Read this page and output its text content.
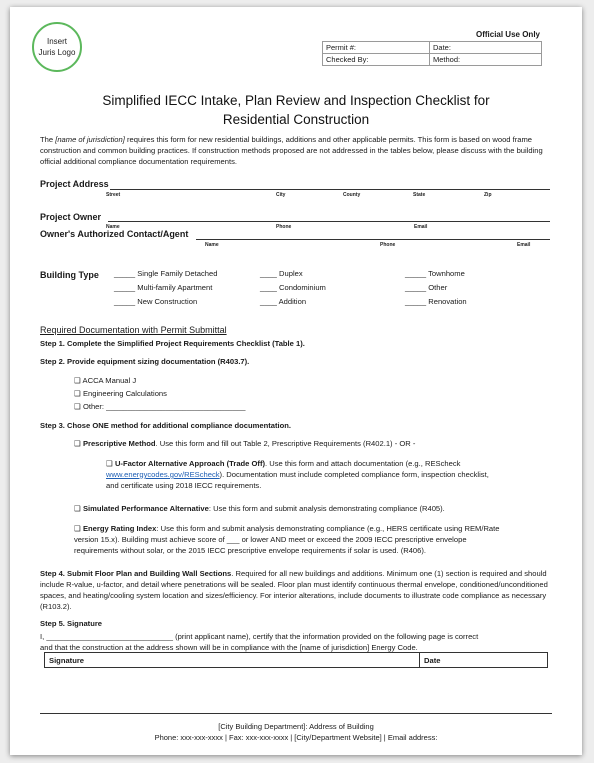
Insert
Juris Logo
Official Use Only
Permit #:	Date:
Checked By:	Method:
Simplified IECC Intake, Plan Review and Inspection Checklist for
Residential Construction
The [name of jurisdiction] requires this form for new residential buildings, additions and other applicable permits. This form is based on wood frame construction and common building practices. If construction methods proposed are not addressed in the tables below, please discuss with the building official additional compliance documentation requirements.
Project Address
Street	City	County	State	Zip
Project Owner
Name	Phone	Email
Owner's Authorized Contact/Agent
Name	Phone	Email
Building Type _____ Single Family Detached	____ Duplex	_____ Townhome
_____ Multi-family Apartment	____ Condominium	_____ Other
_____ New Construction	____ Addition	_____ Renovation
Required Documentation with Permit Submittal
Step 1. Complete the Simplified Project Requirements Checklist (Table 1).
Step 2. Provide equipment sizing documentation (R403.7).
❑ ACCA Manual J
❑ Engineering Calculations
❑ Other: _________________________________
Step 3. Chose ONE method for additional compliance documentation.
❑ Prescriptive Method. Use this form and fill out Table 2, Prescriptive Requirements (R402.1) - OR -
❑ U-Factor Alternative Approach (Trade Off). Use this form and attach documentation (e.g., REScheck
www.energycodes.gov/REScheck). Documentation must include completed compliance form, inspection checklist,
and certificate using 2018 IECC requirements.
❑ Simulated Performance Alternative: Use this form and submit analysis demonstrating compliance (R405).
❑ Energy Rating Index: Use this form and submit analysis demonstrating compliance (e.g., HERS certificate using REM/Rate
version 15.x). Building must achieve score of ___ or lower AND meet or exceed the 2009 IECC prescriptive envelope
requirements without solar, or the 2015 IECC prescriptive envelope requirements if solar is used. (R406).
Step 4. Submit Floor Plan and Building Wall Sections. Required for all new buildings and additions. Minimum one (1) section is required and should include R-value, u-factor, and detail where penetrations will be sealed. Floor plan must identify continuous thermal envelope, conditioned/unconditioned spaces, and heating/cooling system location and sizes/efficiency. For interior alterations, include documents to illustrate code compliance as necessary (R103.2).
Step 5. Signature
I, ______________________________ (print applicant name), certify that the information provided on the following page is correct
and that the construction at the address shown will be in compliance with the [name of jurisdiction] Energy Code.
Signature	Date
[City Building Department]: Address of Building
Phone: xxx-xxx-xxxx | Fax: xxx-xxx-xxxx | [City/Department Website] | Email address:
